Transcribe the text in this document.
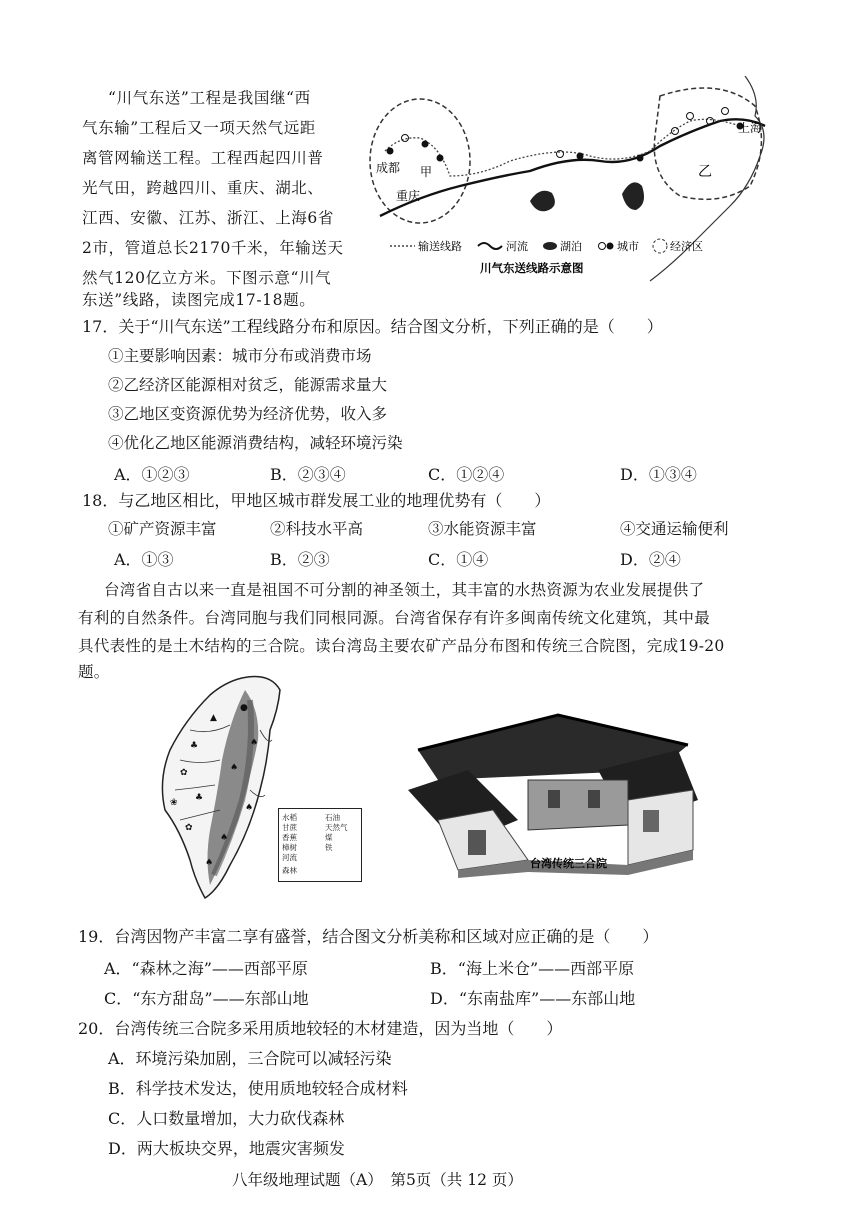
“川气东送”工程是我国继“西
气东输”工程后又一项天然气远距
离管网输送工程。工程西起四川普
光气田，跨越四川、重庆、湖北、
江西、安徽、江苏、浙江、上海6省
2市，管道总长2170千米，年输送天
然气120亿立方米。下图示意“川气
东送”线路，读图完成17-18题。
成都 甲
重庆
上海
乙
输送线路	河流	湖泊	城市	经济区
川气东送线路示意图
17．关于“川气东送”工程线路分布和原因。结合图文分析，下列正确的是（　　）
①主要影响因素：城市分布或消费市场
②乙经济区能源相对贫乏，能源需求量大
③乙地区变资源优势为经济优势，收入多
④优化乙地区能源消费结构，减轻环境污染
A．①②③	B．②③④	C．①②④	D．①③④
18．与乙地区相比，甲地区城市群发展工业的地理优势有（　　）
①矿产资源丰富	②科技水平高	③水能资源丰富	④交通运输便利
A．①③	B．②③	C．①④	D．②④
台湾省自古以来一直是祖国不可分割的神圣领土，其丰富的水热资源为农业发展提供了
有利的自然条件。台湾同胞与我们同根同源。台湾省保存有许多闽南传统文化建筑，其中最
具代表性的是土木结构的三合院。读台湾岛主要农矿产品分布图和传统三合院图，完成19-20
题。
♣
✿
♣
✿
▲
●
♠
♠
♠
♠
♠
❀
水稻
甘蔗
香蕉
樟树
河流
森林
石油
天然气
煤
铁
台湾传统三合院
19．台湾因物产丰富二享有盛誉，结合图文分析美称和区域对应正确的是（　　）
A．“森林之海”——西部平原	B．“海上米仓”——西部平原
C．“东方甜岛”——东部山地	D．“东南盐库”——东部山地
20．台湾传统三合院多采用质地较轻的木材建造，因为当地（　　）
A．环境污染加剧，三合院可以减轻污染
B．科学技术发达，使用质地较轻合成材料
C．人口数量增加，大力砍伐森林
D．两大板块交界，地震灾害频发
八年级地理试题（A）　第5页（共 12 页）
